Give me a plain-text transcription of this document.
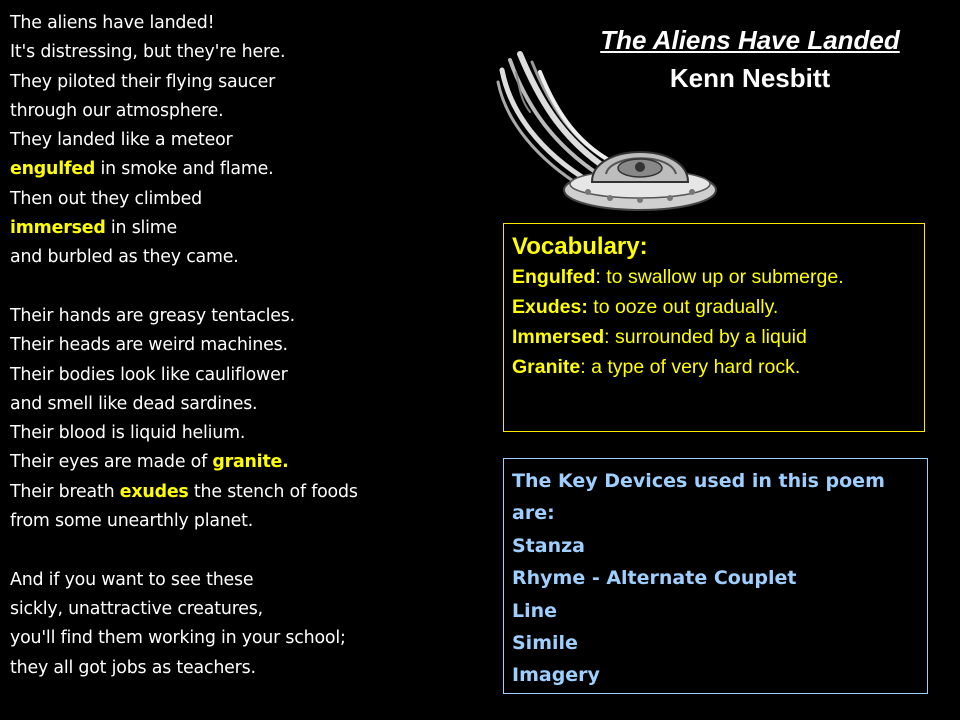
The aliens have landed!
It's distressing, but they're here.
They piloted their flying saucer
through our atmosphere.
They landed like a meteor
engulfed in smoke and flame.
Then out they climbed
immersed in slime
and burbled as they came.
Their hands are greasy tentacles.
Their heads are weird machines.
Their bodies look like cauliflower
and smell like dead sardines.
Their blood is liquid helium.
Their eyes are made of granite.
Their breath exudes the stench of foods
from some unearthly planet.
And if you want to see these
sickly, unattractive creatures,
you'll find them working in your school;
they all got jobs as teachers.
The Aliens Have Landed
Kenn Nesbitt
Vocabulary:
Engulfed: to swallow up or submerge.
Exudes: to ooze out gradually.
Immersed: surrounded by a liquid
Granite: a type of very hard rock.
The Key Devices used in this poem are:
Stanza
Rhyme - Alternate Couplet
Line
Simile
Imagery
